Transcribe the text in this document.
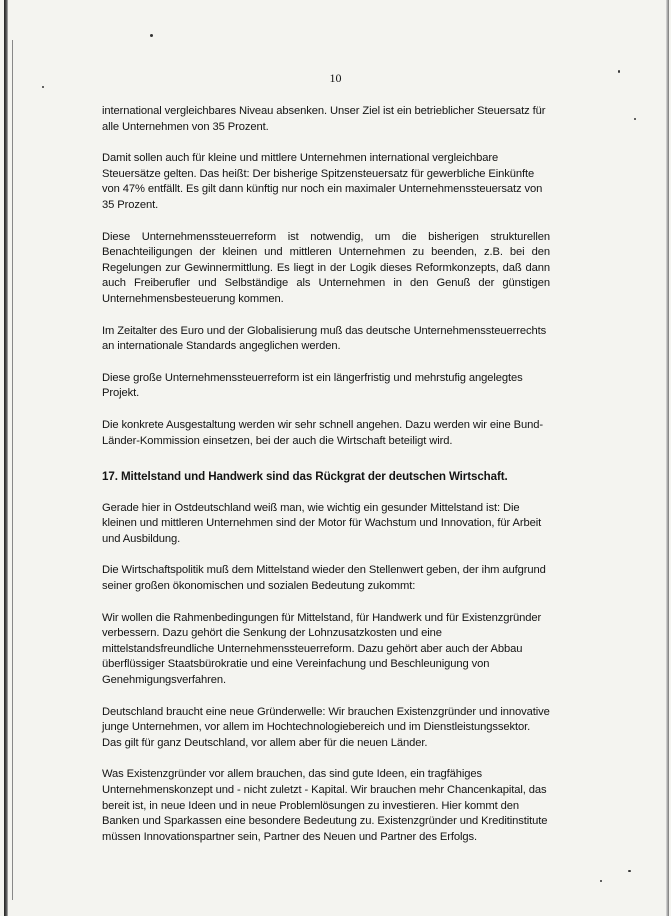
10

international vergleichbares Niveau absenken. Unser Ziel ist ein betrieblicher Steuersatz für alle Unternehmen von 35 Prozent.

Damit sollen auch für kleine und mittlere Unternehmen international vergleichbare Steuersätze gelten. Das heißt: Der bisherige Spitzensteuersatz für gewerbliche Einkünfte von 47% entfällt. Es gilt dann künftig nur noch ein maximaler Unternehmenssteuersatz von 35 Prozent.

Diese Unternehmenssteuerreform ist notwendig, um die bisherigen strukturellen Benachteiligungen der kleinen und mittleren Unternehmen zu beenden, z.B. bei den Regelungen zur Gewinnermittlung. Es liegt in der Logik dieses Reformkonzepts, daß dann auch Freiberufler und Selbständige als Unternehmen in den Genuß der günstigen Unternehmensbesteuerung kommen.

Im Zeitalter des Euro und der Globalisierung muß das deutsche Unternehmenssteuerrechts an internationale Standards angeglichen werden.

Diese große Unternehmenssteuerreform ist ein längerfristig und mehrstufig angelegtes Projekt.

Die konkrete Ausgestaltung werden wir sehr schnell angehen. Dazu werden wir eine Bund-Länder-Kommission einsetzen, bei der auch die Wirtschaft beteiligt wird.

17. Mittelstand und Handwerk sind das Rückgrat der deutschen Wirtschaft.

Gerade hier in Ostdeutschland weiß man, wie wichtig ein gesunder Mittelstand ist: Die kleinen und mittleren Unternehmen sind der Motor für Wachstum und Innovation, für Arbeit und Ausbildung.

Die Wirtschaftspolitik muß dem Mittelstand wieder den Stellenwert geben, der ihm aufgrund seiner großen ökonomischen und sozialen Bedeutung zukommt:

Wir wollen die Rahmenbedingungen für Mittelstand, für Handwerk und für Existenzgründer verbessern. Dazu gehört die Senkung der Lohnzusatzkosten und eine mittelstandsfreundliche Unternehmenssteuerreform. Dazu gehört aber auch der Abbau überflüssiger Staatsbürokratie und eine Vereinfachung und Beschleunigung von Genehmigungsverfahren.

Deutschland braucht eine neue Gründerwelle: Wir brauchen Existenzgründer und innovative junge Unternehmen, vor allem im Hochtechnologiebereich und im Dienstleistungssektor. Das gilt für ganz Deutschland, vor allem aber für die neuen Länder.

Was Existenzgründer vor allem brauchen, das sind gute Ideen, ein tragfähiges Unternehmenskonzept und - nicht zuletzt - Kapital. Wir brauchen mehr Chancenkapital, das bereit ist, in neue Ideen und in neue Problemlösungen zu investieren. Hier kommt den Banken und Sparkassen eine besondere Bedeutung zu. Existenzgründer und Kreditinstitute müssen Innovationspartner sein, Partner des Neuen und Partner des Erfolgs.
